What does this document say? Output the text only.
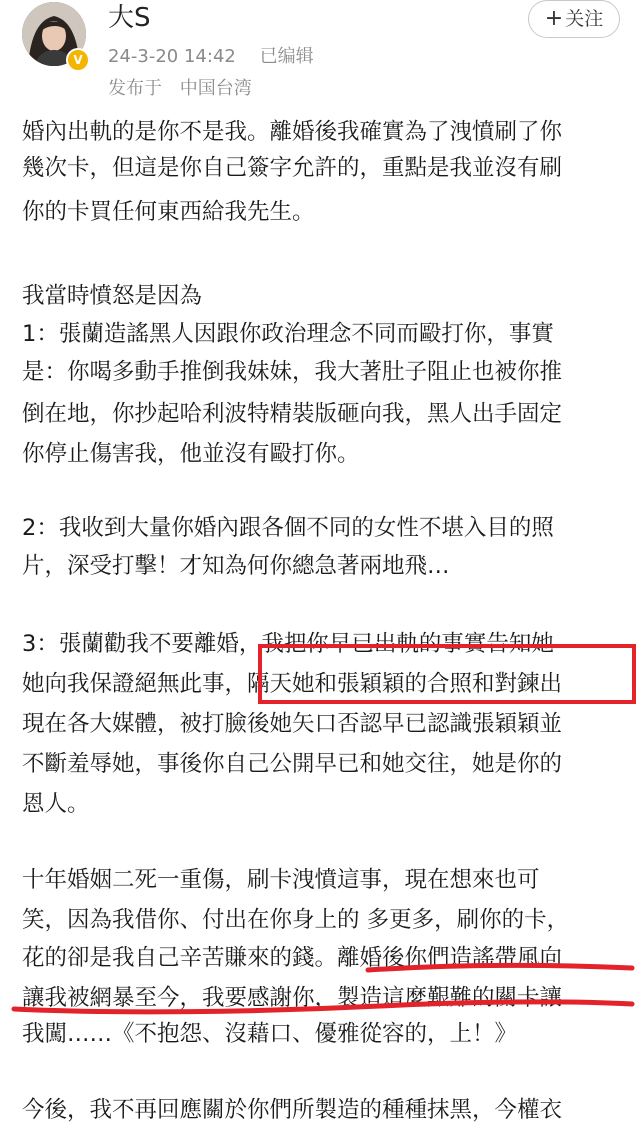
V
大S
24-3-20 14:42 已编辑
发布于 中国台湾
+ 关注
婚內出軌的是你不是我。離婚後我確實為了洩憤刷了你
幾次卡，但這是你自己簽字允許的，重點是我並沒有刷
你的卡買任何東西給我先生。
我當時憤怒是因為
1：張蘭造謠黑人因跟你政治理念不同而毆打你，事實
是：你喝多動手推倒我妹妹，我大著肚子阻止也被你推
倒在地，你抄起哈利波特精裝版砸向我，黑人出手固定
你停止傷害我，他並沒有毆打你。
2：我收到大量你婚內跟各個不同的女性不堪入目的照
片，深受打擊！才知為何你總急著兩地飛…
3：張蘭勸我不要離婚，我把你早已出軌的事實告知她
她向我保證絕無此事，隔天她和張穎穎的合照和對鍊出
現在各大媒體，被打臉後她矢口否認早已認識張穎穎並
不斷羞辱她，事後你自己公開早已和她交往，她是你的
恩人。
十年婚姻二死一重傷，刷卡洩憤這事，現在想來也可
笑，因為我借你、付出在你身上的 多更多，刷你的卡，
花的卻是我自己辛苦賺來的錢。離婚後你們造謠帶風向
讓我被網暴至今，我要感謝你，製造這麼艱難的關卡讓
我闖……《不抱怨、沒藉口、優雅從容的，上！》
今後，我不再回應關於你們所製造的種種抹黑，今權衣
